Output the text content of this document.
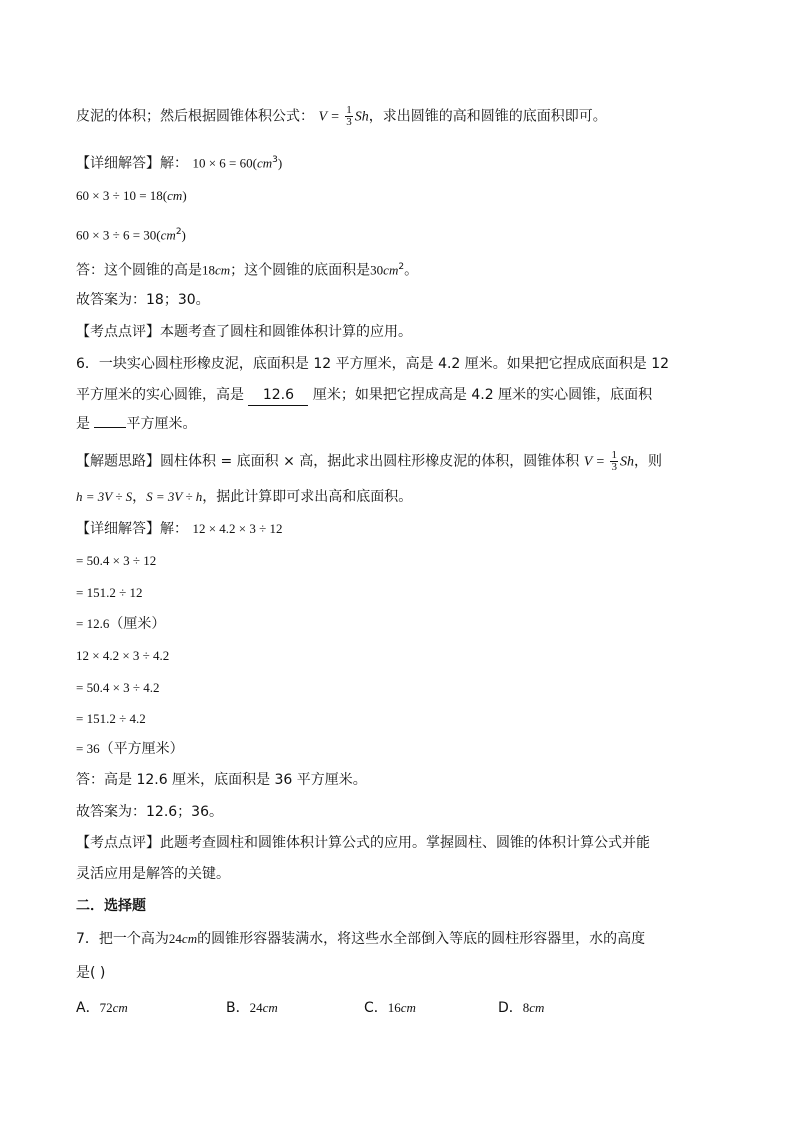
皮泥的体积；然后根据圆锥体积公式： $V = \frac{1}{3}$ Sh，求出圆锥的高和圆锥的底面积即可。
【详细解答】解： $10 \times 6 = 60(cm^3)$
60 × 3 ÷ 10 = 18(cm)
$60 \times 3 \div 6 = 30(cm^2)$
答：这个圆锥的高是18cm；这个圆锥的底面积是$30cm^2$。
故答案为：18；30。
【考点点评】本题考查了圆柱和圆锥体积计算的应用。
6．一块实心圆柱形橡皮泥，底面积是 12 平方厘米，高是 4.2 厘米。如果把它捏成底面积是 12
平方厘米的实心圆锥，高是 12.6 厘米；如果把它捏成高是 4.2 厘米的实心圆锥，底面积
是	平方厘米。
【解题思路】圆柱体积 = 底面积 × 高，据此求出圆柱形橡皮泥的体积，圆锥体积 $V = \frac{1}{3}$ Sh，则
h = 3V ÷ S，S = 3V ÷ h，据此计算即可求出高和底面积。
【详细解答】解： 12 × 4.2 × 3 ÷ 12
= 50.4 × 3 ÷ 12
= 151.2 ÷ 12
= 12.6（厘米）
12 × 4.2 × 3 ÷ 4.2
= 50.4 × 3 ÷ 4.2
= 151.2 ÷ 4.2
= 36（平方厘米）
答：高是 12.6 厘米，底面积是 36 平方厘米。
故答案为：12.6；36。
【考点点评】此题考查圆柱和圆锥体积计算公式的应用。掌握圆柱、圆锥的体积计算公式并能
灵活应用是解答的关键。
二．选择题
7．把一个高为24cm的圆锥形容器装满水，将这些水全部倒入等底的圆柱形容器里，水的高度
是( )
A．72cm	B．24cm	C．16cm	D．8cm
